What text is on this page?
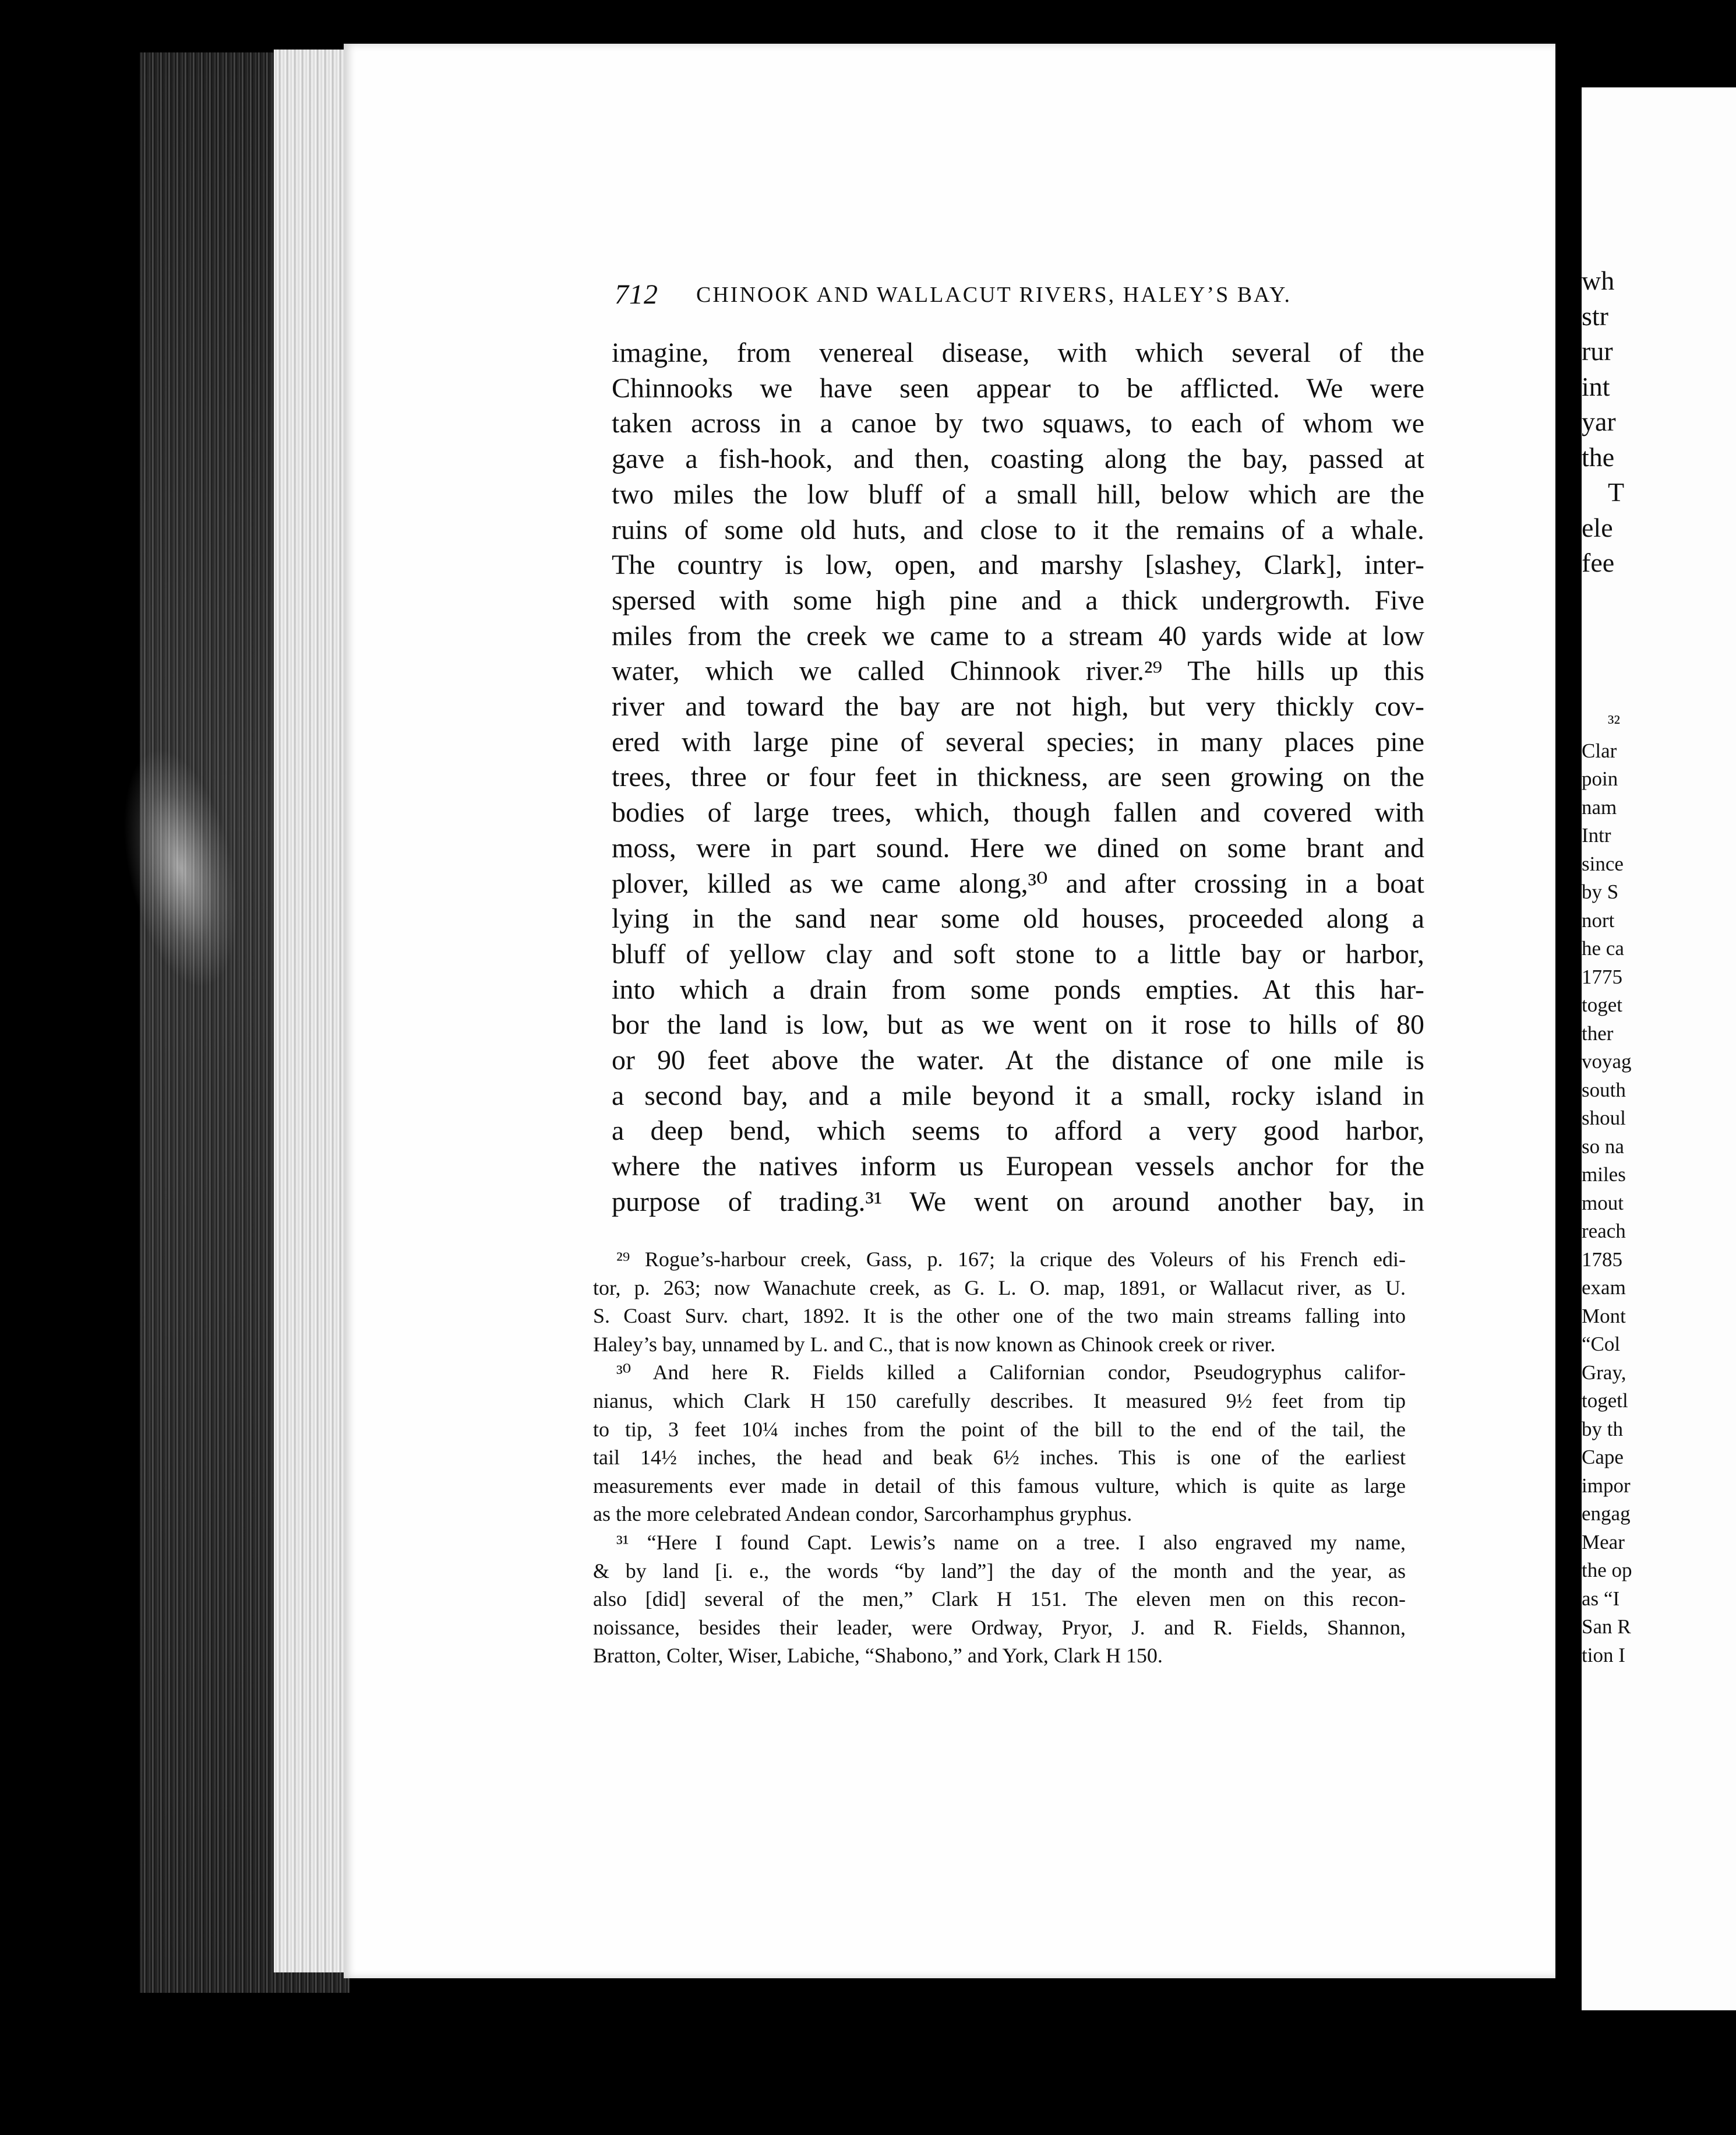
712 CHINOOK AND WALLACUT RIVERS, HALEY’S BAY.
imagine, from venereal disease, with which several of the
Chinnooks we have seen appear to be afflicted. We were
taken across in a canoe by two squaws, to each of whom we
gave a fish-hook, and then, coasting along the bay, passed at
two miles the low bluff of a small hill, below which are the
ruins of some old huts, and close to it the remains of a whale.
The country is low, open, and marshy [slashey, Clark], inter-
spersed with some high pine and a thick undergrowth. Five
miles from the creek we came to a stream 40 yards wide at low
water, which we called Chinnook river.²⁹ The hills up this
river and toward the bay are not high, but very thickly cov-
ered with large pine of several species; in many places pine
trees, three or four feet in thickness, are seen growing on the
bodies of large trees, which, though fallen and covered with
moss, were in part sound. Here we dined on some brant and
plover, killed as we came along,³⁰ and after crossing in a boat
lying in the sand near some old houses, proceeded along a
bluff of yellow clay and soft stone to a little bay or harbor,
into which a drain from some ponds empties. At this har-
bor the land is low, but as we went on it rose to hills of 80
or 90 feet above the water. At the distance of one mile is
a second bay, and a mile beyond it a small, rocky island in
a deep bend, which seems to afford a very good harbor,
where the natives inform us European vessels anchor for the
purpose of trading.³¹ We went on around another bay, in
²⁹ Rogue’s-harbour creek, Gass, p. 167; la crique des Voleurs of his French edi-
tor, p. 263; now Wanachute creek, as G. L. O. map, 1891, or Wallacut river, as U.
S. Coast Surv. chart, 1892. It is the other one of the two main streams falling into
Haley’s bay, unnamed by L. and C., that is now known as Chinook creek or river.
³⁰ And here R. Fields killed a Californian condor, Pseudogryphus califor-
nianus, which Clark H 150 carefully describes. It measured 9½ feet from tip
to tip, 3 feet 10¼ inches from the point of the bill to the end of the tail, the
tail 14½ inches, the head and beak 6½ inches. This is one of the earliest
measurements ever made in detail of this famous vulture, which is quite as large
as the more celebrated Andean condor, Sarcorhamphus gryphus.
³¹ “Here I found Capt. Lewis’s name on a tree. I also engraved my name,
& by land [i. e., the words “by land”] the day of the month and the year, as
also [did] several of the men,” Clark H 151. The eleven men on this recon-
noissance, besides their leader, were Ordway, Pryor, J. and R. Fields, Shannon,
Bratton, Colter, Wiser, Labiche, “Shabono,” and York, Clark H 150.
wh
str
rur
int
yar
the
T
ele
fee
³²
Clar
poin
nam
Intr
since
by S
nort
he ca
1775
toget
ther
voyag
south
shoul
so na
miles
mout
reach
1785
exam
Mont
“Col
Gray,
togetl
by th
Cape
impor
engag
Mear
the op
as “I
San R
tion I
